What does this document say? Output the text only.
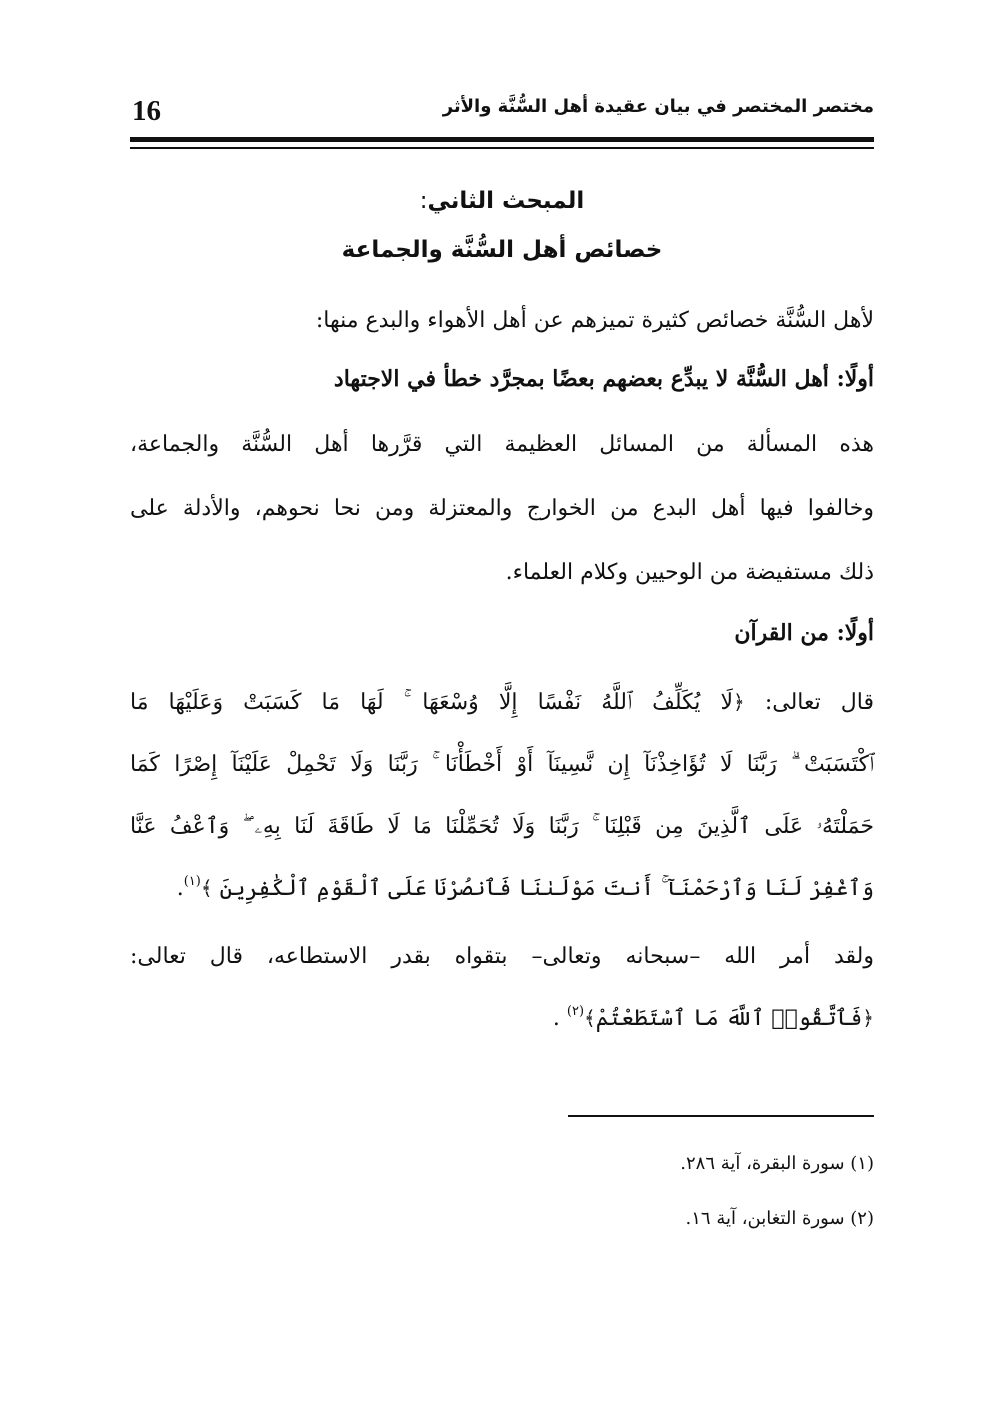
16	مختصر المختصر في بيان عقيدة أهل السُّنَّة والأثر
المبحث الثاني:
خصائص أهل السُّنَّة والجماعة
لأهل السُّنَّة خصائص كثيرة تميزهم عن أهل الأهواء والبدع منها:
أولًا: أهل السُّنَّة لا يبدِّع بعضهم بعضًا بمجرَّد خطأ في الاجتهاد
هذه المسألة من المسائل العظيمة التي قرَّرها أهل السُّنَّة والجماعة،
وخالفوا فيها أهل البدع من الخوارج والمعتزلة ومن نحا نحوهم، والأدلة على
ذلك مستفيضة من الوحيين وكلام العلماء.
أولًا: من القرآن
قال تعالى: ﴿لَا يُكَلِّفُ ٱللَّهُ نَفْسًا إِلَّا وُسْعَهَا ۚ لَهَا مَا كَسَبَتْ وَعَلَيْهَا مَا
ٱكْتَسَبَتْ ۗ رَبَّنَا لَا تُؤَاخِذْنَآ إِن نَّسِينَآ أَوْ أَخْطَأْنَا ۚ رَبَّنَا وَلَا تَحْمِلْ عَلَيْنَآ إِصْرًا كَمَا
حَمَلْتَهُۥ عَلَى ٱلَّذِينَ مِن قَبْلِنَا ۚ رَبَّنَا وَلَا تُحَمِّلْنَا مَا لَا طَاقَةَ لَنَا بِهِۦ ۖ وَٱعْفُ عَنَّا
وَٱغْفِرْ لَنَا وَٱرْحَمْنَآ ۚ أَنتَ مَوْلَىٰنَا فَٱنصُرْنَا عَلَى ٱلْقَوْمِ ٱلْكَٰفِرِينَ ﴾$^{(١)}$.
ولقد أمر الله –سبحانه وتعالى– بتقواه بقدر الاستطاعه، قال تعالى:
﴿فَٱتَّقُوا۟ ٱللَّهَ مَا ٱسْتَطَعْتُمْ﴾$^{(٢)}$ .
(١) سورة البقرة، آية ٢٨٦.
(٢) سورة التغابن، آية ١٦.
